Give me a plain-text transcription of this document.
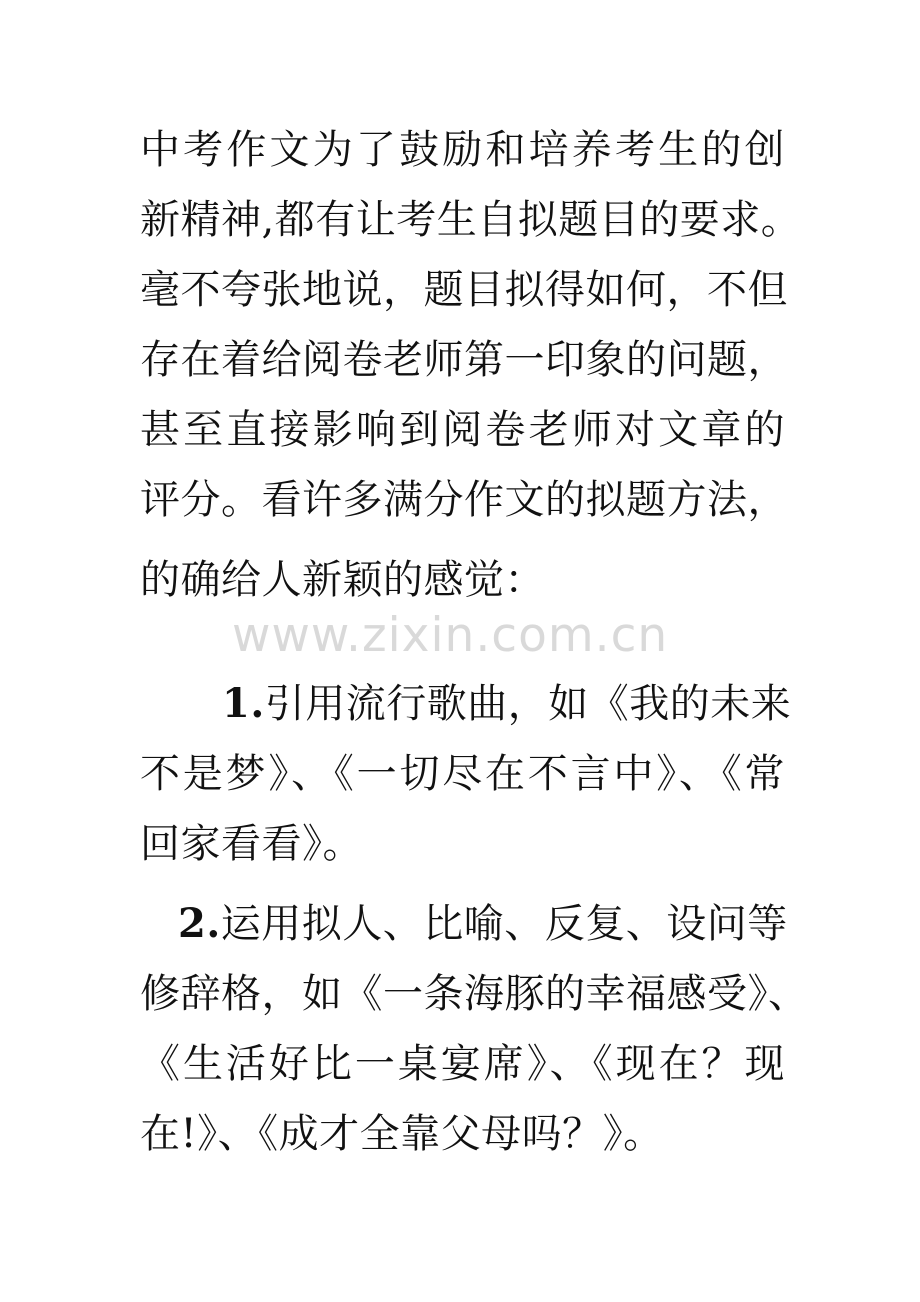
中考作文为了鼓励和培养考生的创
新精神,都有让考生自拟题目的要求。
毫不夸张地说，题目拟得如何，不但
存在着给阅卷老师第一印象的问题，
甚至直接影响到阅卷老师对文章的
评分。看许多满分作文的拟题方法，
的确给人新颖的感觉：
www.zixin.com.cn
1. 引用流行歌曲，如《我的未来
不是梦》、《一切尽在不言中》、《常
回家看看》。
2.运用拟人、比喻、反复、设问等
修辞格，如《一条海豚的幸福感受》、
《生活好比一桌宴席》、《现在？现
在!》、《成才全靠父母吗？》。
